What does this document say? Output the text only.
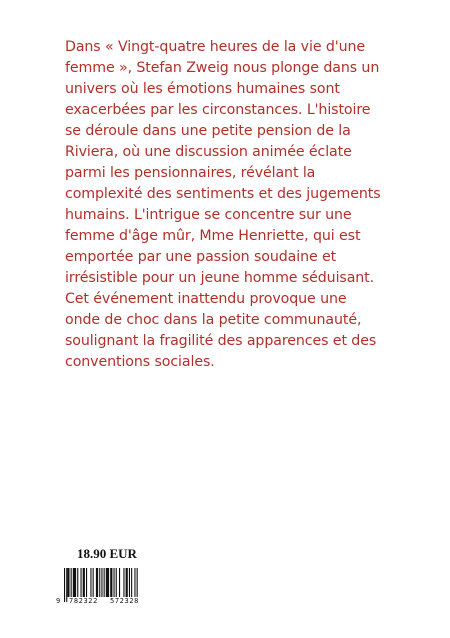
Dans « Vingt-quatre heures de la vie d'une femme », Stefan Zweig nous plonge dans un univers où les émotions humaines sont exacerbées par les circonstances. L'histoire se déroule dans une petite pension de la Riviera, où une discussion animée éclate parmi les pensionnaires, révélant la complexité des sentiments et des jugements humains. L'intrigue se concentre sur une femme d'âge mûr, Mme Henriette, qui est emportée par une passion soudaine et irrésistible pour un jeune homme séduisant. Cet événement inattendu provoque une onde de choc dans la petite communauté, soulignant la fragilité des apparences et des conventions sociales.

18.90 EUR
9 782322 572328
